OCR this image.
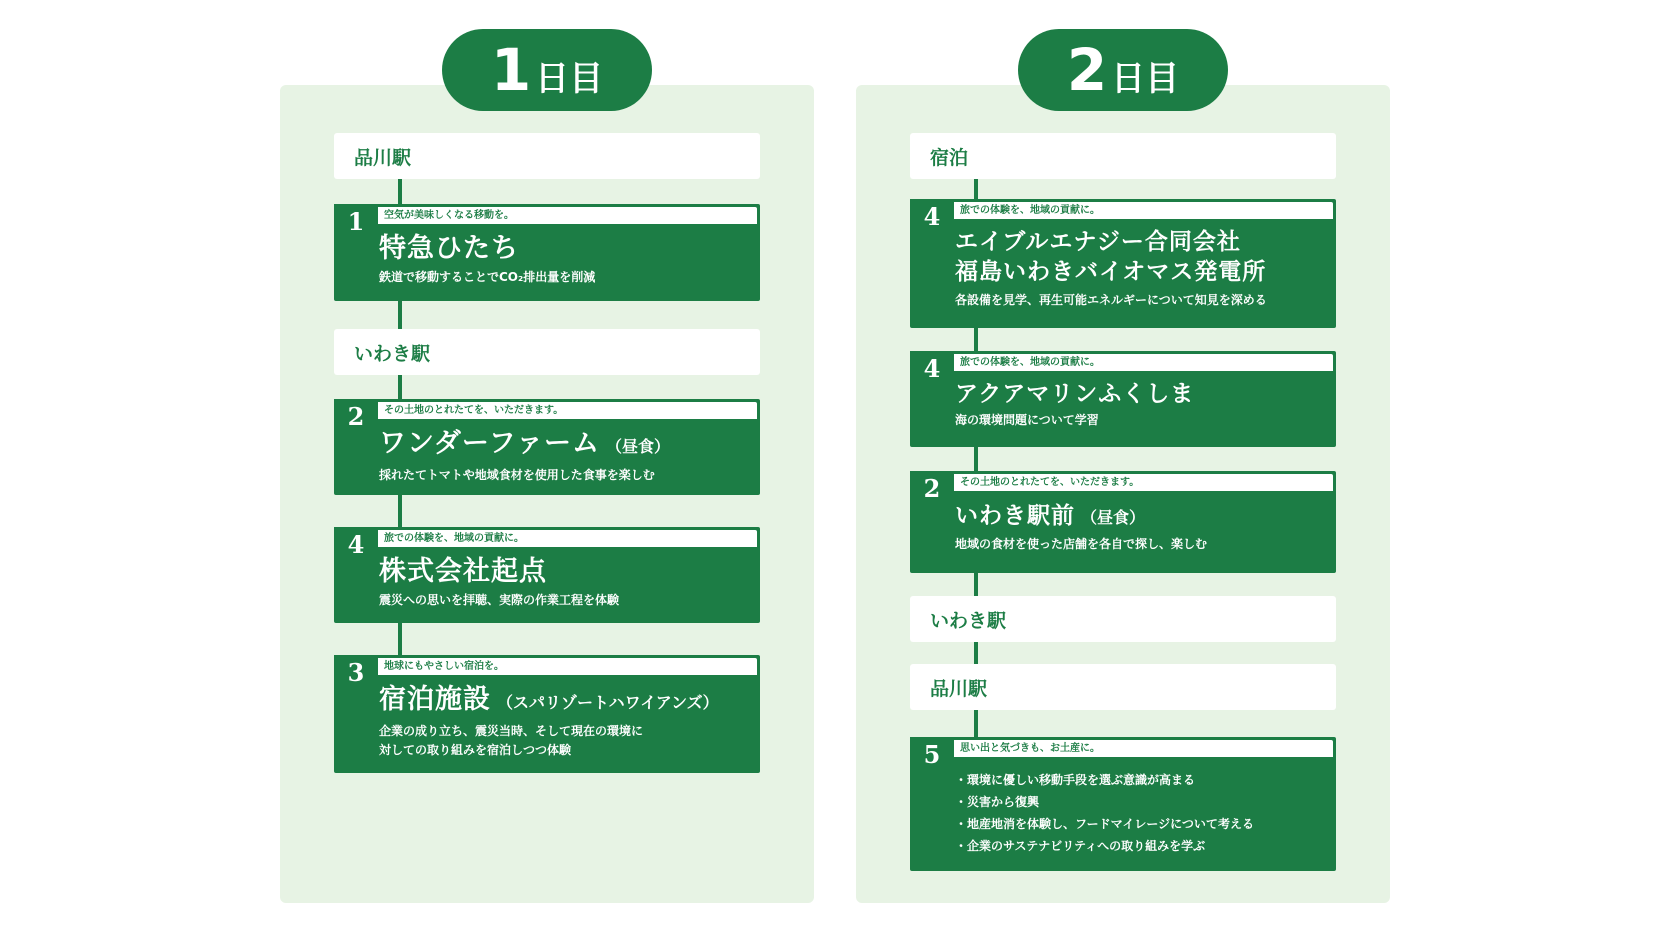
1 日目
品川駅
1	空気が美味しくなる移動を。
特急ひたち
鉄道で移動することでCO₂排出量を削減
いわき駅
2	その土地のとれたてを、いただきます。
ワンダーファーム （昼食）
採れたてトマトや地域食材を使用した食事を楽しむ
4	旅での体験を、地域の貢献に。
株式会社起点
震災への思いを拝聴、実際の作業工程を体験
3	地球にもやさしい宿泊を。
宿泊施設 （スパリゾートハワイアンズ）
企業の成り立ち、震災当時、そして現在の環境に
対しての取り組みを宿泊しつつ体験
2 日目
宿泊
4	旅での体験を、地域の貢献に。
エイブルエナジー合同会社
福島いわきバイオマス発電所
各設備を見学、再生可能エネルギーについて知見を深める
4	旅での体験を、地域の貢献に。
アクアマリンふくしま
海の環境問題について学習
2	その土地のとれたてを、いただきます。
いわき駅前 （昼食）
地域の食材を使った店舗を各自で探し、楽しむ
いわき駅
品川駅
5	思い出と気づきも、お土産に。
・ 環境に優しい移動手段を選ぶ意識が高まる
・ 災害から復興
・ 地産地消を体験し、フードマイレージについて考える
・ 企業のサステナビリティへの取り組みを学ぶ
